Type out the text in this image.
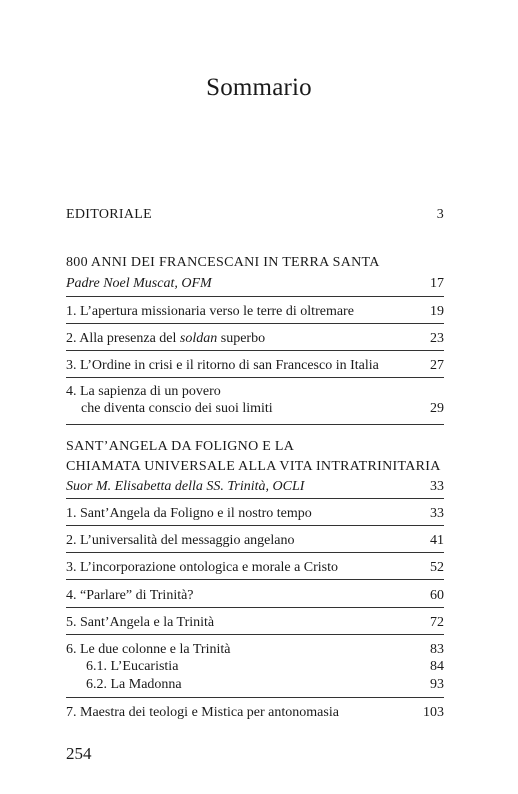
Sommario
EDITORIALE	3
800 ANNI DEI FRANCESCANI IN TERRA SANTA
Padre Noel Muscat, OFM	17
1. L’apertura missionaria verso le terre di oltremare	19
2. Alla presenza del soldan superbo	23
3. L’Ordine in crisi e il ritorno di san Francesco in Italia	27
4. La sapienza di un povero
che diventa conscio dei suoi limiti	29
SANT’ANGELA DA FOLIGNO E LA
CHIAMATA UNIVERSALE ALLA VITA INTRATRINITARIA
Suor M. Elisabetta della SS. Trinità, OCLI	33
1. Sant’Angela da Foligno e il nostro tempo	33
2. L’universalità del messaggio angelano	41
3. L’incorporazione ontologica e morale a Cristo	52
4. “Parlare” di Trinità?	60
5. Sant’Angela e la Trinità	72
6. Le due colonne e la Trinità	83
6.1. L’Eucaristia	84
6.2. La Madonna	93
7. Maestra dei teologi e Mistica per antonomasia	103
254
